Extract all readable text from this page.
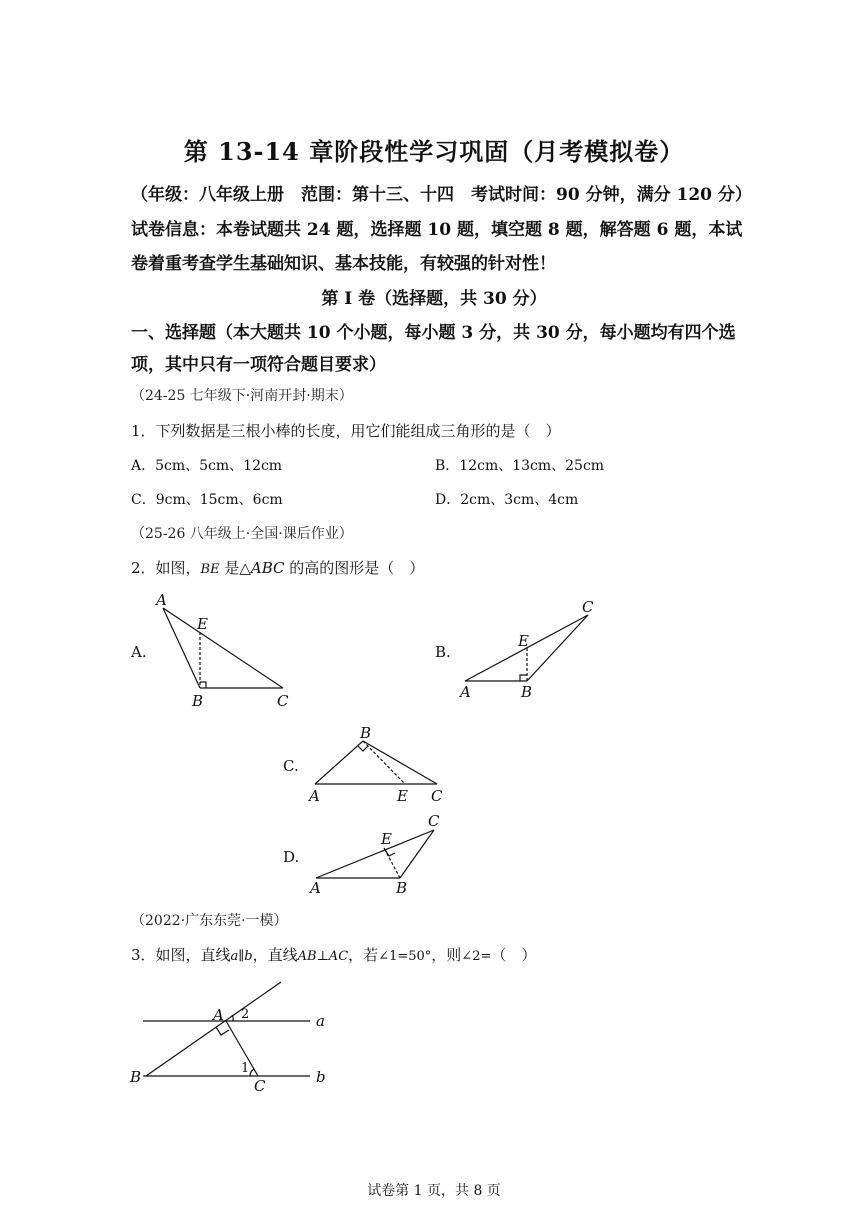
第 13-14 章阶段性学习巩固（月考模拟卷）
（年级：八年级上册　范围：第十三、十四　考试时间：90 分钟，满分 120 分）
试卷信息：本卷试题共 24 题，选择题 10 题，填空题 8 题，解答题 6 题，本试
卷着重考查学生基础知识、基本技能，有较强的针对性！
第 I 卷（选择题，共 30 分）
一、选择题（本大题共 10 个小题，每小题 3 分，共 30 分，每小题均有四个选
项，其中只有一项符合题目要求）
（24-25 七年级下·河南开封·期末）
1．下列数据是三根小棒的长度，用它们能组成三角形的是（　）
A．5cm、5cm、12cm	B．12cm、13cm、25cm
C．9cm、15cm、6cm	D．2cm、3cm、4cm
（25-26 八年级上·全国·课后作业）
2．如图，BE 是△ABC 的高的图形是（　）
A.	B.
C.
D.
A
E
B	C
C
E
A	B
B
A	E C
C
E
A	B
A 2	a
B	1
C	b
（2022·广东东莞·一模）
3．如图，直线a∥b，直线AB⊥AC，若∠1=50°，则∠2=（　）
试卷第 1 页，共 8 页
